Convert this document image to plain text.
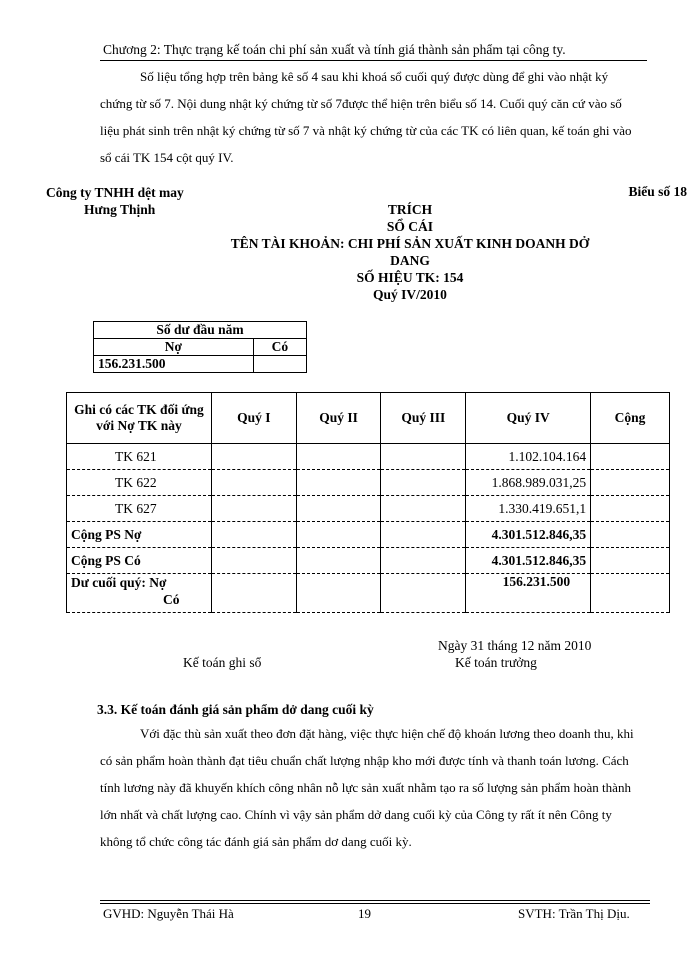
Chương 2: Thực trạng kế toán chi phí sản xuất và tính giá thành sản phẩm tại công ty.
Số liệu tổng hợp trên bảng kê số 4 sau khi khoá sổ cuối quý được dùng để ghi vào nhật ký chứng từ số 7. Nội dung nhật ký chứng từ số 7được thể hiện trên biểu số 14. Cuối quý căn cứ vào số liệu phát sinh trên nhật ký chứng từ số 7 và nhật ký chứng từ của các TK có liên quan, kế toán ghi vào sổ cái TK 154 cột quý IV.
Công ty TNHH dệt may
Hưng Thịnh
Biểu số 18
TRÍCH
SỔ CÁI
TÊN TÀI KHOẢN: CHI PHÍ SẢN XUẤT KINH DOANH DỞ
DANG
SỐ HIỆU TK: 154
Quý IV/2010
Số dư đầu năm	
Nợ	Có
156.231.500	
Ghi có các TK đối ứng với Nợ TK này	Quý I	Quý II	Quý III	Quý IV	Cộng
TK 621				1.102.104.164	
TK 622				1.868.989.031,25	
TK 627				1.330.419.651,1	
Cộng PS Nợ				4.301.512.846,35	
Cộng PS Có				4.301.512.846,35	

Dư cuối quý: Nợ
Có				156.231.500	
Ngày 31 tháng 12 năm 2010
Kế toán ghi sổ	Kế toán trưởng
3.3. Kế toán đánh giá sản phẩm dở dang cuối kỳ
Với đặc thù sản xuất theo đơn đặt hàng, việc thực hiện chế độ khoán lương theo doanh thu, khi có sản phẩm hoàn thành đạt tiêu chuẩn chất lượng nhập kho mới được tính và thanh toán lương. Cách tính lương này đã khuyến khích công nhân nỗ lực sản xuất nhằm tạo ra số lượng sản phẩm hoàn thành lớn nhất và chất lượng cao. Chính vì vậy sản phẩm dở dang cuối kỳ của Công ty rất ít nên Công ty không tổ chức công tác đánh giá sản phẩm dơ dang cuối kỳ.
GVHD: Nguyễn Thái Hà	19	SVTH: Trần Thị Dịu.
